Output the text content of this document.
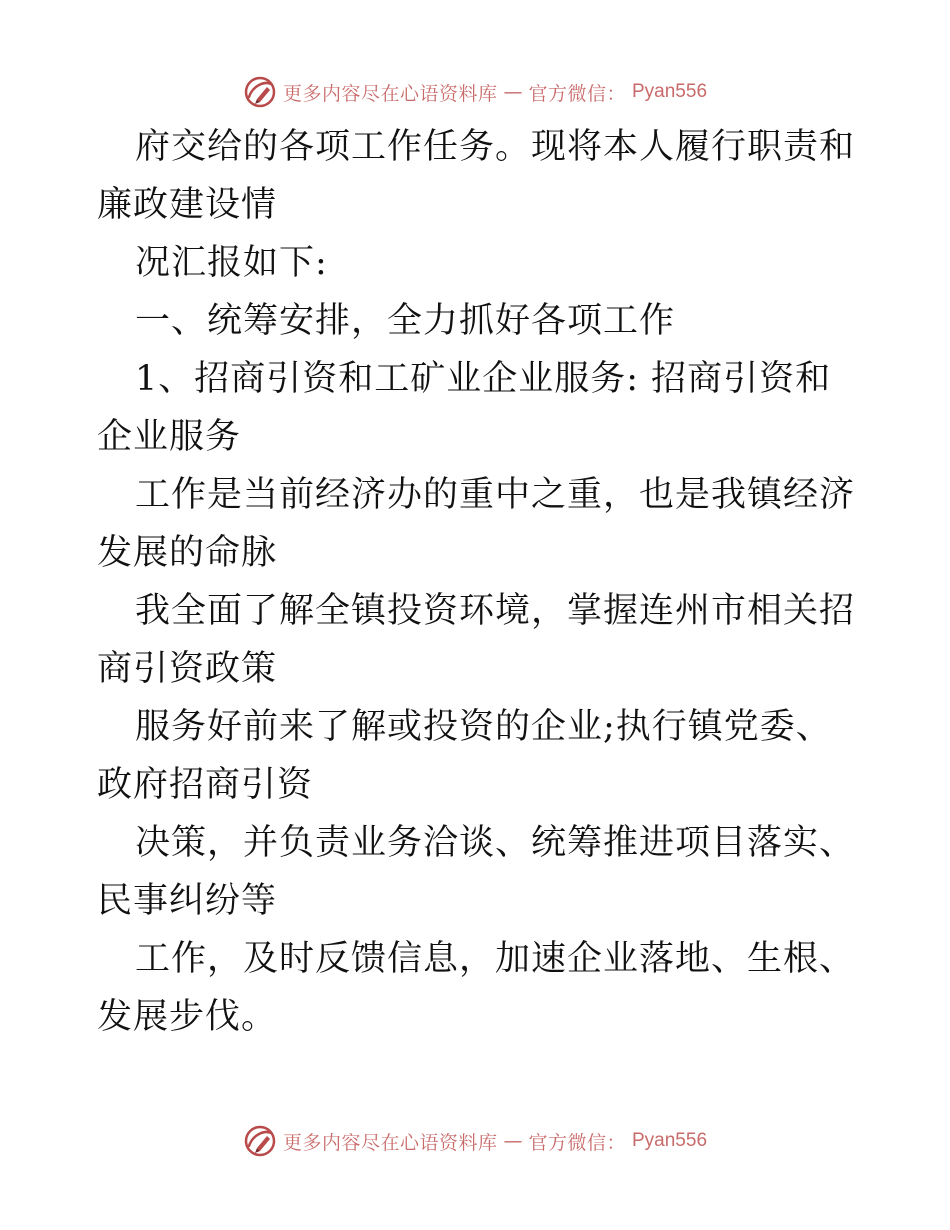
更多内容尽在心语资料库 — 官方微信： Pyan556

府交给的各项工作任务。现将本人履行职责和廉政建设情

况汇报如下:

一、统筹安排，全力抓好各项工作

1、招商引资和工矿业企业服务: 招商引资和企业服务

工作是当前经济办的重中之重，也是我镇经济发展的命脉

我全面了解全镇投资环境，掌握连州市相关招商引资政策

服务好前来了解或投资的企业;执行镇党委、政府招商引资

决策，并负责业务洽谈、统筹推进项目落实、民事纠纷等

工作，及时反馈信息，加速企业落地、生根、发展步伐。

更多内容尽在心语资料库 — 官方微信： Pyan556
